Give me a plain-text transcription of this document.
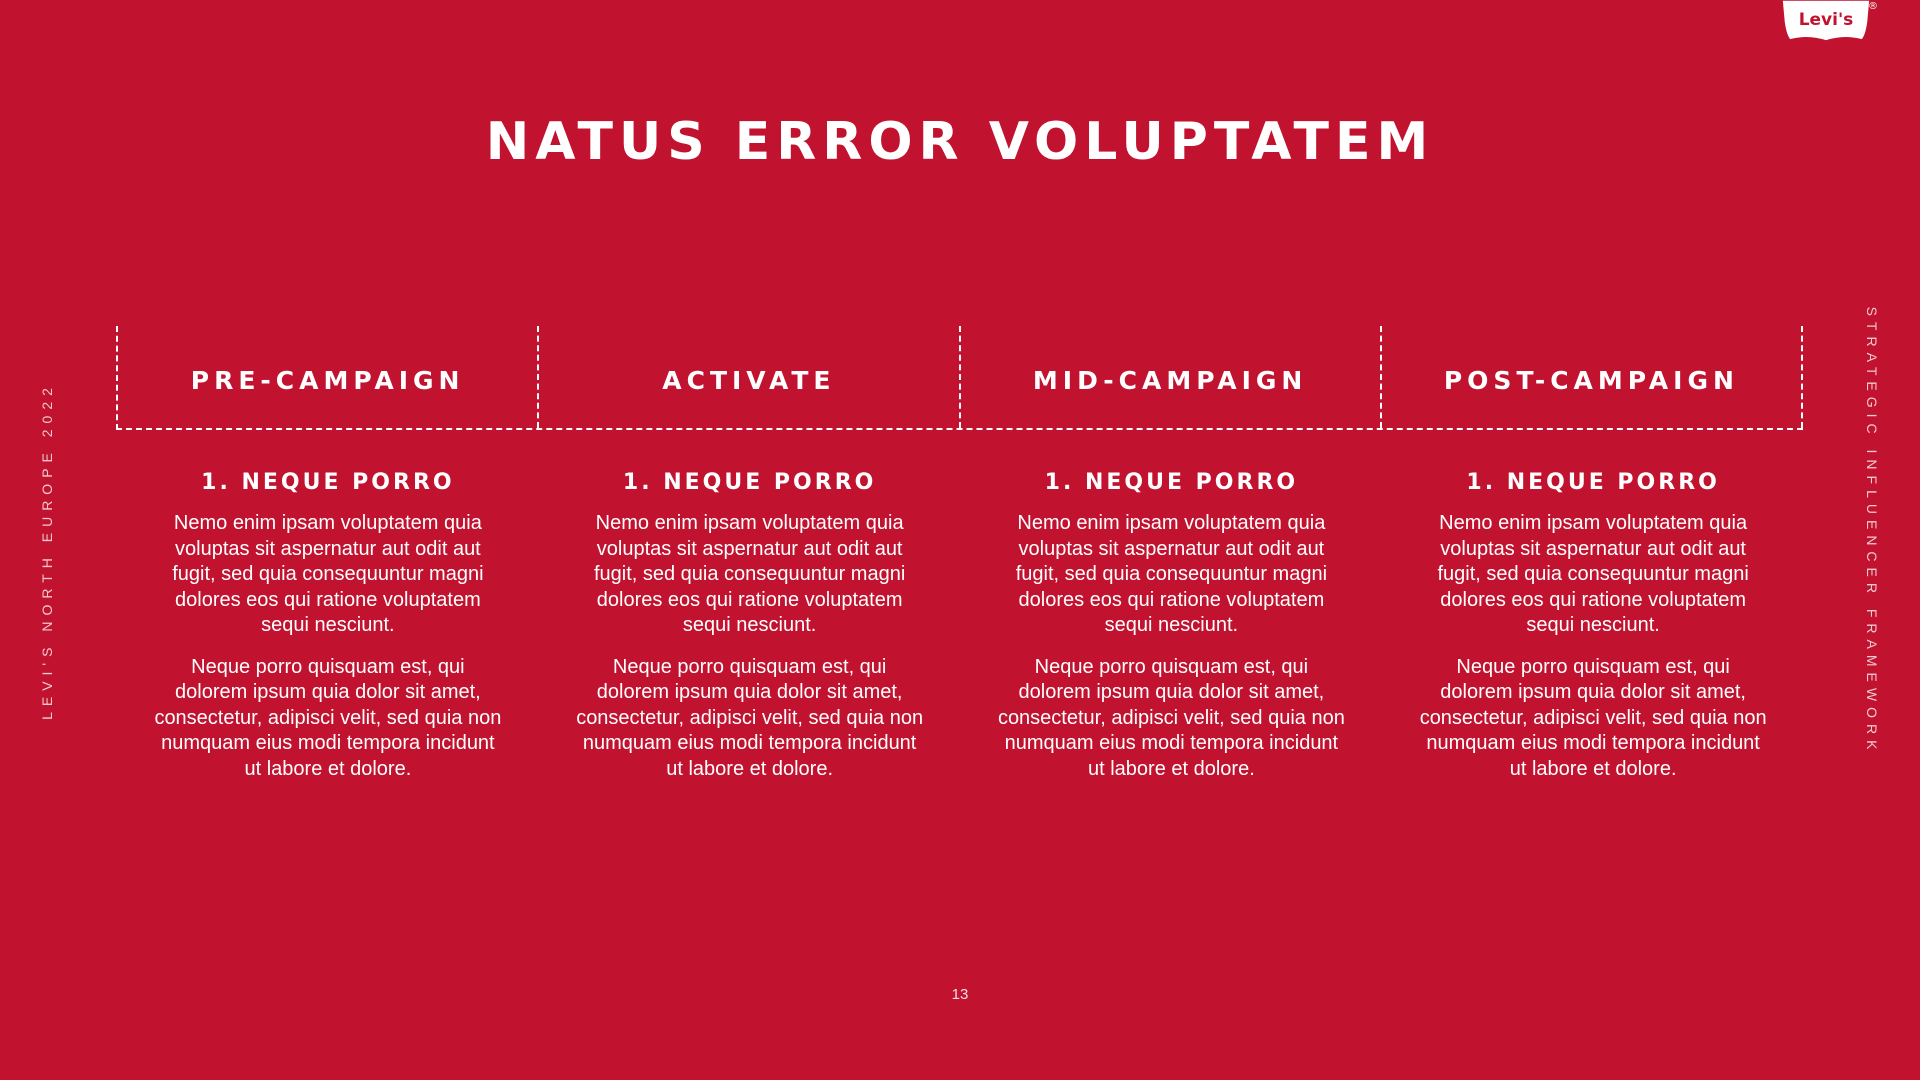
Levi's
®
NATUS ERROR VOLUPTATEM
LEVI'S NORTH EUROPE 2022	STRATEGIC INFLUENCER FRAMEWORK
PRE-CAMPAIGN	ACTIVATE	MID-CAMPAIGN	POST-CAMPAIGN
1. NEQUE PORRO

Nemo enim ipsam voluptatem quia voluptas sit aspernatur aut odit aut fugit, sed quia consequuntur magni dolores eos qui ratione voluptatem sequi nesciunt.

Neque porro quisquam est, qui dolorem ipsum quia dolor sit amet, consectetur, adipisci velit, sed quia non numquam eius modi tempora incidunt ut labore et dolore.

1. NEQUE PORRO

Nemo enim ipsam voluptatem quia voluptas sit aspernatur aut odit aut fugit, sed quia consequuntur magni dolores eos qui ratione voluptatem sequi nesciunt.

Neque porro quisquam est, qui dolorem ipsum quia dolor sit amet, consectetur, adipisci velit, sed quia non numquam eius modi tempora incidunt ut labore et dolore.

1. NEQUE PORRO

Nemo enim ipsam voluptatem quia voluptas sit aspernatur aut odit aut fugit, sed quia consequuntur magni dolores eos qui ratione voluptatem sequi nesciunt.

Neque porro quisquam est, qui dolorem ipsum quia dolor sit amet, consectetur, adipisci velit, sed quia non numquam eius modi tempora incidunt ut labore et dolore.

1. NEQUE PORRO

Nemo enim ipsam voluptatem quia voluptas sit aspernatur aut odit aut fugit, sed quia consequuntur magni dolores eos qui ratione voluptatem sequi nesciunt.

Neque porro quisquam est, qui dolorem ipsum quia dolor sit amet, consectetur, adipisci velit, sed quia non numquam eius modi tempora incidunt ut labore et dolore.

13
